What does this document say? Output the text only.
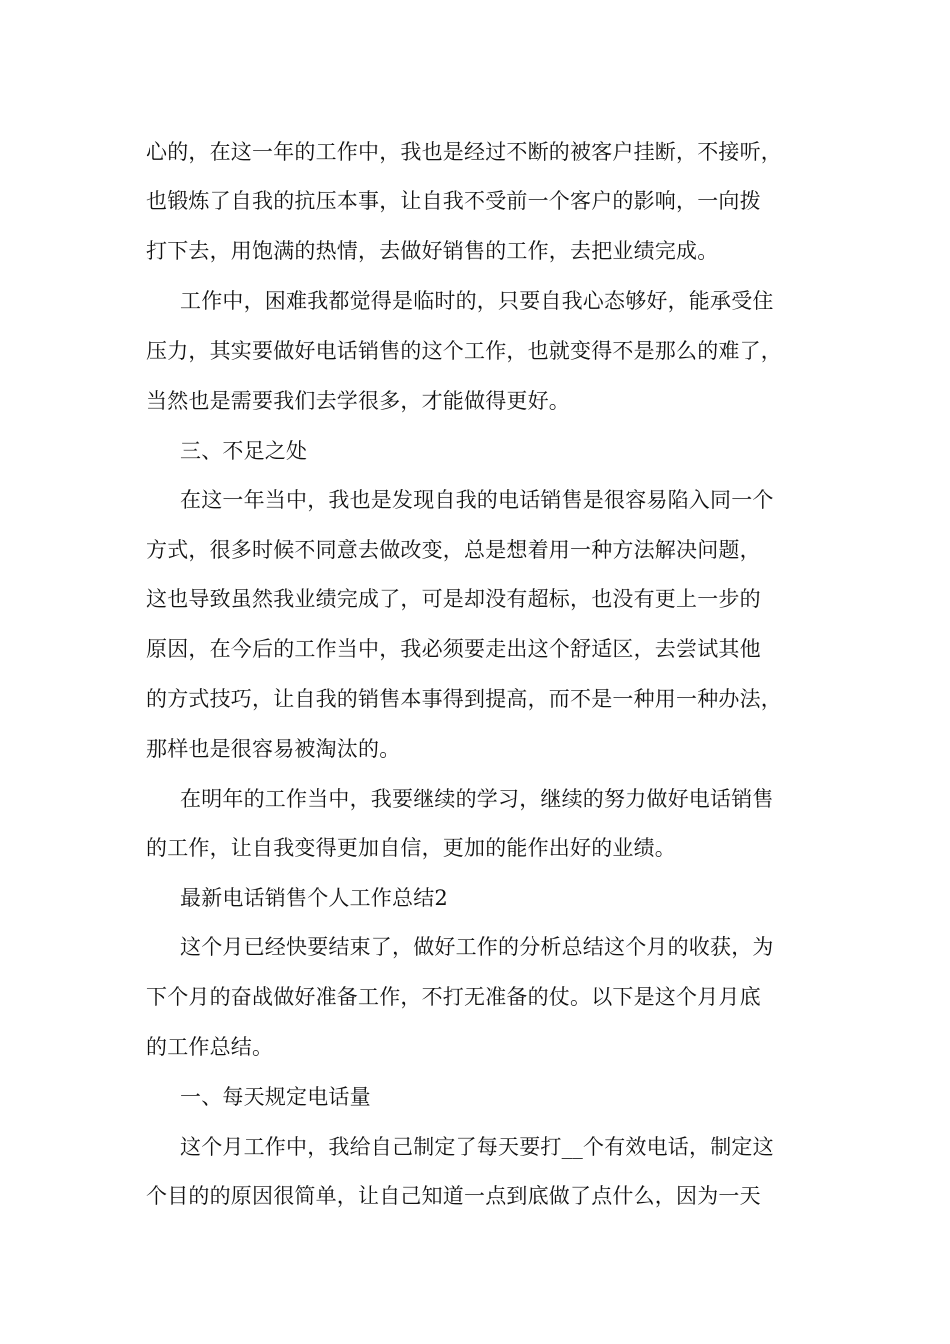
心的，在这一年的工作中，我也是经过不断的被客户挂断，不接听，
也锻炼了自我的抗压本事，让自我不受前一个客户的影响，一向拨
打下去，用饱满的热情，去做好销售的工作，去把业绩完成。
工作中，困难我都觉得是临时的，只要自我心态够好，能承受住
压力，其实要做好电话销售的这个工作，也就变得不是那么的难了，
当然也是需要我们去学很多，才能做得更好。
三、不足之处
在这一年当中，我也是发现自我的电话销售是很容易陷入同一个
方式，很多时候不同意去做改变，总是想着用一种方法解决问题，
这也导致虽然我业绩完成了，可是却没有超标，也没有更上一步的
原因，在今后的工作当中，我必须要走出这个舒适区，去尝试其他
的方式技巧，让自我的销售本事得到提高，而不是一种用一种办法，
那样也是很容易被淘汰的。
在明年的工作当中，我要继续的学习，继续的努力做好电话销售
的工作，让自我变得更加自信，更加的能作出好的业绩。
最新电话销售个人工作总结2
这个月已经快要结束了，做好工作的分析总结这个月的收获，为
下个月的奋战做好准备工作，不打无准备的仗。以下是这个月月底
的工作总结。
一、每天规定电话量
这个月工作中，我给自己制定了每天要打__个有效电话，制定这
个目的的原因很简单，让自己知道一点到底做了点什么，因为一天
